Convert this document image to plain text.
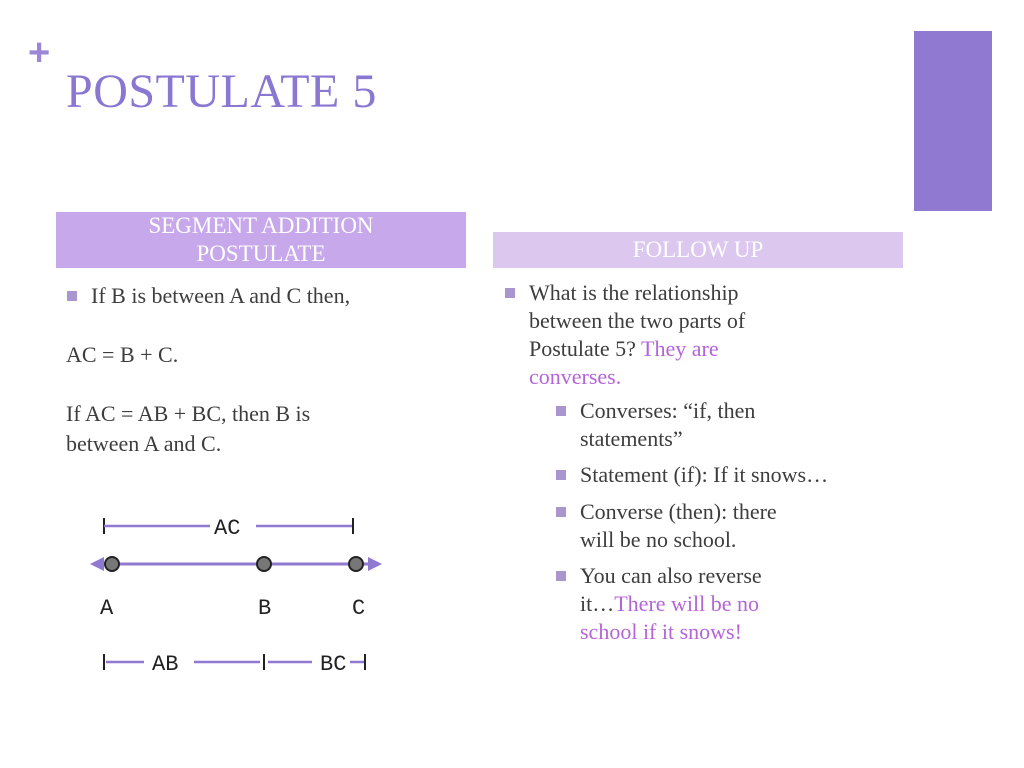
+
POSTULATE 5
SEGMENT ADDITION
POSTULATE
If B is between A and C then,
AC = B + C.
If AC = AB + BC, then B is
between A and C.
AC
A	B	C
AB	BC
FOLLOW UP
What is the relationship
between the two parts of
Postulate 5? They are
converses.
Converses: “if, then
statements”
Statement (if): If it snows…
Converse (then): there
will be no school.
You can also reverse
it…There will be no
school if it snows!
